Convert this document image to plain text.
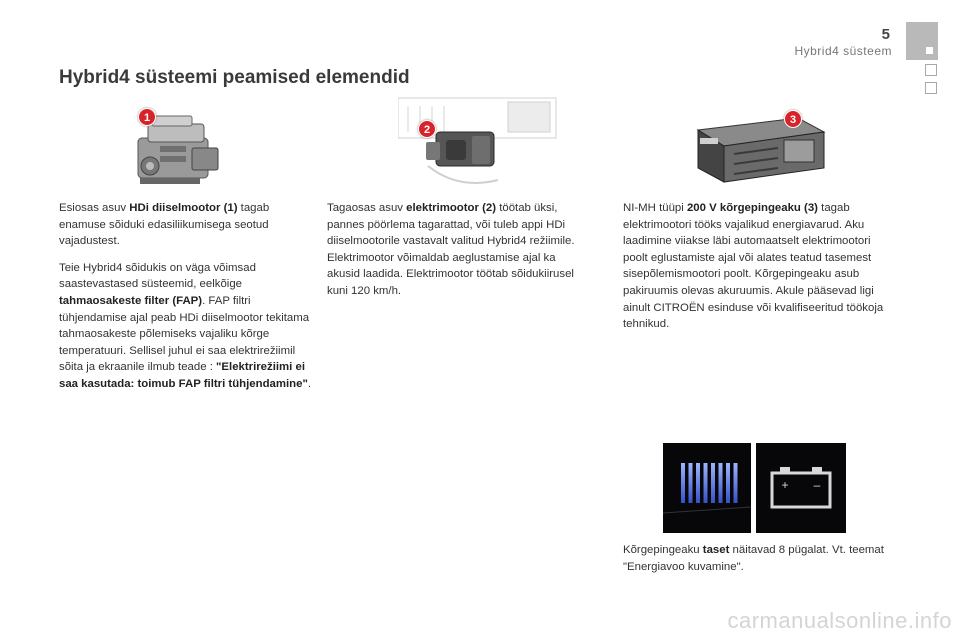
5
Hybrid4 süsteem
Hybrid4 süsteemi peamised elemendid
1
2
3

Esiosas asuv HDi diiselmootor (1) tagab enamuse sõiduki edasiliikumisega seotud vajadustest.

Teie Hybrid4 sõidukis on väga võimsad saastevastased süsteemid, eelkõige tahmaosakeste filter (FAP). FAP filtri tühjendamise ajal peab HDi diiselmootor tekitama tahmaosakeste põlemiseks vajaliku kõrge temperatuuri. Sellisel juhul ei saa elektrirežiimil sõita ja ekraanile ilmub teade : "Elektrirežiimi ei saa kasutada: toimub FAP filtri tühjendamine".

Tagaosas asuv elektrimootor (2) töötab üksi, pannes pöörlema tagarattad, või tuleb appi HDi diiselmootorile vastavalt valitud Hybrid4 režiimile. Elektrimootor võimaldab aeglustamise ajal ka akusid laadida. Elektrimootor töötab sõidukiirusel kuni 120 km/h.

NI-MH tüüpi 200 V kõrgepingeaku (3) tagab elektrimootori tööks vajalikud energiavarud. Aku laadimine viiakse läbi automaatselt elektrimootori poolt eglustamiste ajal või alates teatud tasemest sisepõlemismootori poolt. Kõrgepingeaku asub pakiruumis olevas akuruumis. Akule pääsevad ligi ainult CITROËN esinduse või kvalifiseeritud töökoja tehnikud.

+ –

Kõrgepingeaku taset näitavad 8 pügalat. Vt. teemat "Energiavoo kuvamine".

carmanualsonline.info
